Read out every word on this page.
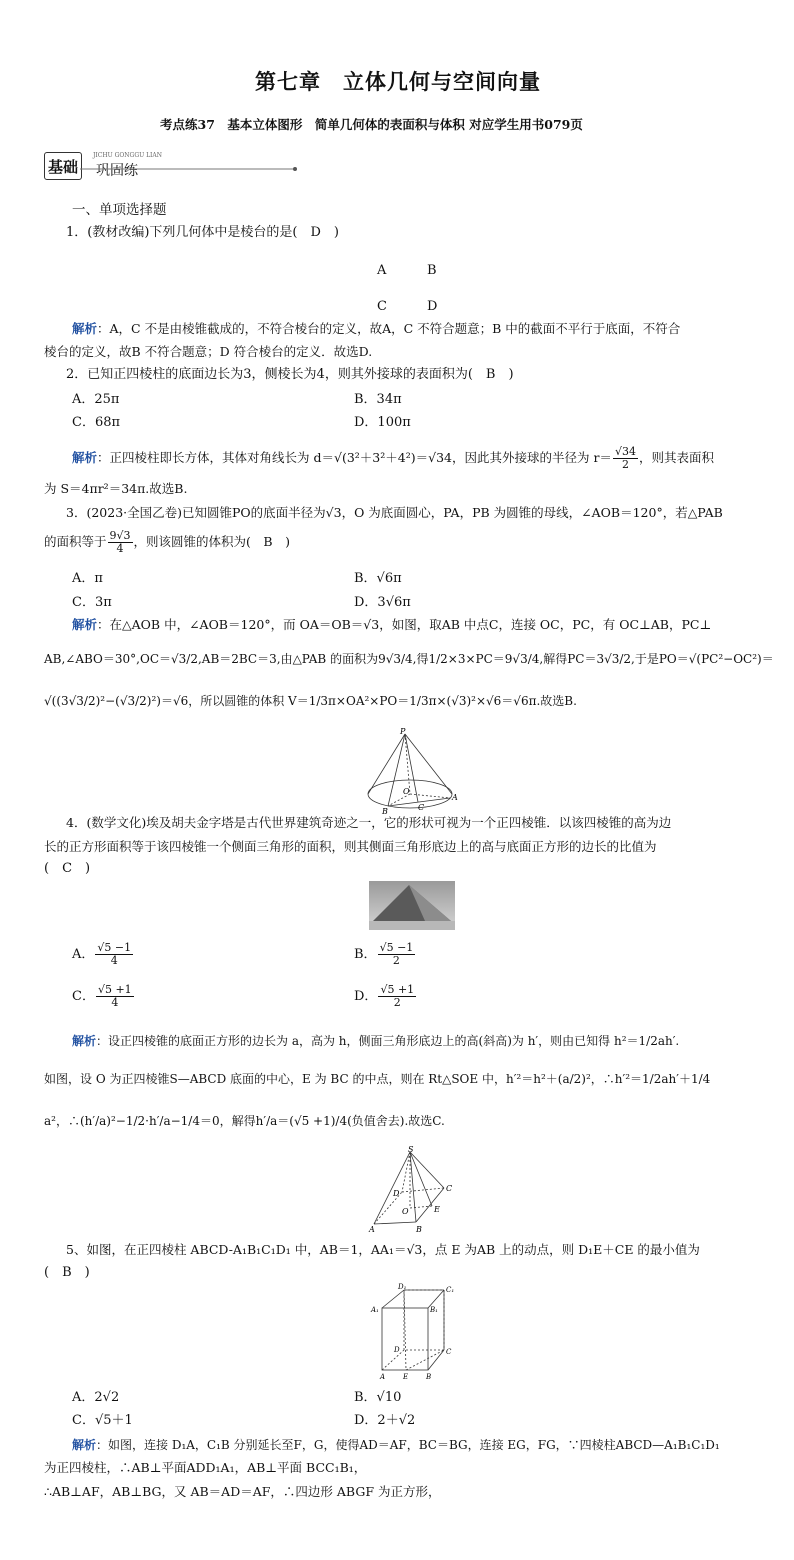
第七章　立体几何与空间向量
考点练37　基本立体图形　简单几何体的表面积与体积 对应学生用书079页
基础
JICHU GONGGU LIAN
巩固练
一、单项选择题
1．(教材改编)下列几何体中是棱台的是(　D　)
A	B
C	D
解析：A，C 不是由棱锥截成的，不符合棱台的定义，故A，C 不符合题意；B 中的截面不平行于底面，不符合
棱台的定义，故B 不符合题意；D 符合棱台的定义．故选D.
2．已知正四棱柱的底面边长为3，侧棱长为4，则其外接球的表面积为(　B　)
A．25π	B．34π
C．68π	D．100π
解析：正四棱柱即长方体，其体对角线长为 d＝√(3²＋3²＋4²)＝√34，因此其外接球的半径为 $r= \frac{√34}{2}$ ，则其表面积
为 S＝4πr²＝34π.故选B.
3．(2023·全国乙卷)已知圆锥PO的底面半径为√3，O 为底面圆心，PA，PB 为圆锥的母线，∠AOB＝120°，若△PAB
的面积等于 $\frac{9√3}{4}$ ，则该圆锥的体积为(　B　)
A．π	B．√6π
C．3π	D．3√6π
解析：在△AOB 中，∠AOB＝120°，而 OA＝OB＝√3，如图，取AB 中点C，连接 OC，PC，有 OC⊥AB，PC⊥
AB,∠ABO＝30°,OC＝√3/2,AB＝2BC＝3,由△PAB 的面积为9√3/4,得1/2×3×PC＝9√3/4,解得PC＝3√3/2,于是PO＝√(PC²−OC²)＝
√((3√3/2)²−(√3/2)²)＝√6，所以圆锥的体积 V＝1/3π×OA²×PO＝1/3π×(√3)²×√6＝√6π.故选B.
P
O
A
B	C
4．(数学文化)埃及胡夫金字塔是古代世界建筑奇迹之一，它的形状可视为一个正四棱锥．以该四棱锥的高为边
长的正方形面积等于该四棱锥一个侧面三角形的面积，则其侧面三角形底边上的高与底面正方形的边长的比值为
(　C　)
A． $\frac{√5 -1}{4}$	B． $\frac{√5 -1}{2}$
C． $\frac{√5 +1}{4}$	D． $\frac{√5 +1}{2}$
解析：设正四棱锥的底面正方形的边长为 a，高为 h，侧面三角形底边上的高(斜高)为 h′，则由已知得 h²＝1/2ah′.
如图，设 O 为正四棱锥S—ABCD 底面的中心，E 为 BC 的中点，则在 Rt△SOE 中，h′²＝h²＋(a/2)²，∴h′²＝1/2ah′＋1/4
a²，∴(h′/a)²−1/2·h′/a−1/4＝0，解得h′/a＝(√5 +1)/4(负值舍去).故选C.
S
D
C
O	E
A	B
5、如图，在正四棱柱 ABCD-A₁B₁C₁D₁ 中，AB＝1，AA₁＝√3，点 E 为AB 上的动点，则 D₁E＋CE 的最小值为
(　B　)
D₁	C₁
A₁	B₁
D	C
A	E	B
A．2√2	B．√10
C．√5＋1	D．2＋√2
解析：如图，连接 D₁A，C₁B 分别延长至F，G，使得AD＝AF，BC＝BG，连接 EG，FG，∵四棱柱ABCD—A₁B₁C₁D₁
为正四棱柱，∴AB⊥平面ADD₁A₁，AB⊥平面 BCC₁B₁，
∴AB⊥AF，AB⊥BG，又 AB＝AD＝AF，∴四边形 ABGF 为正方形，
